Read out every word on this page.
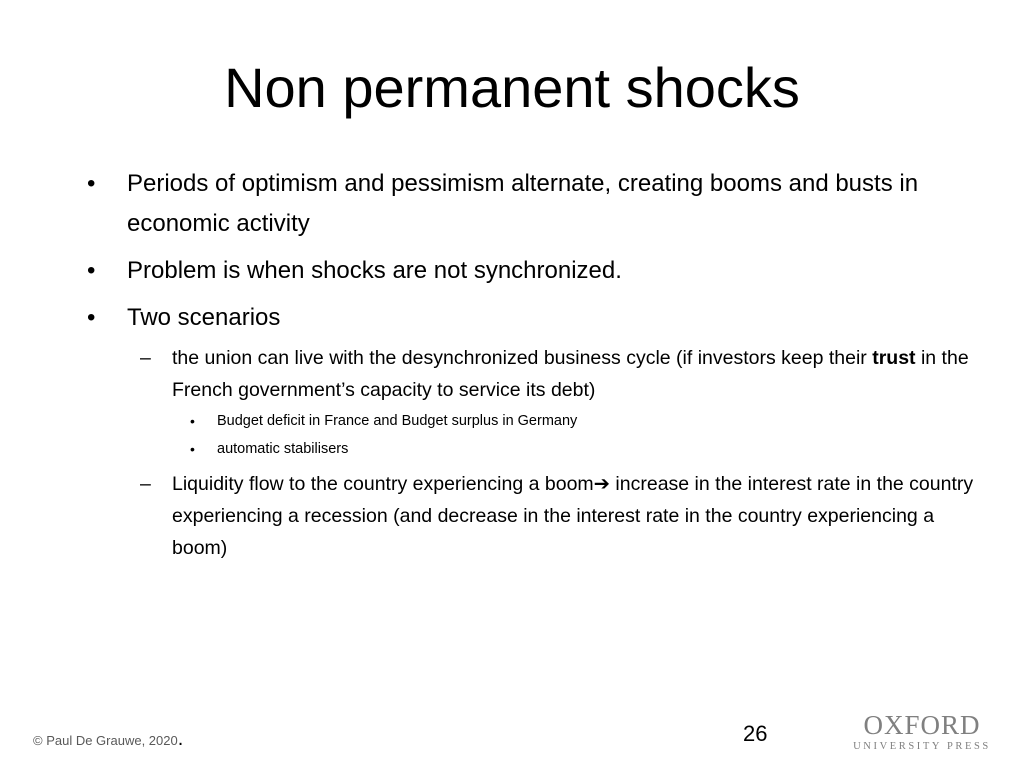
Non permanent shocks
•	Periods of optimism and pessimism alternate, creating booms and busts in economic activity
•	Problem is when shocks are not synchronized.
•	Two scenarios
–	the union can live with the desynchronized business cycle (if investors keep their trust in the French government’s capacity to service its debt)
•	Budget deficit in France and Budget surplus in Germany
•	automatic stabilisers
–	Liquidity flow to the country experiencing a boom➔ increase in the interest rate in the country experiencing a recession (and decrease in the interest rate in the country experiencing a boom)
© Paul De Grauwe, 2020.	26	OXFORD
UNIVERSITY PRESS
